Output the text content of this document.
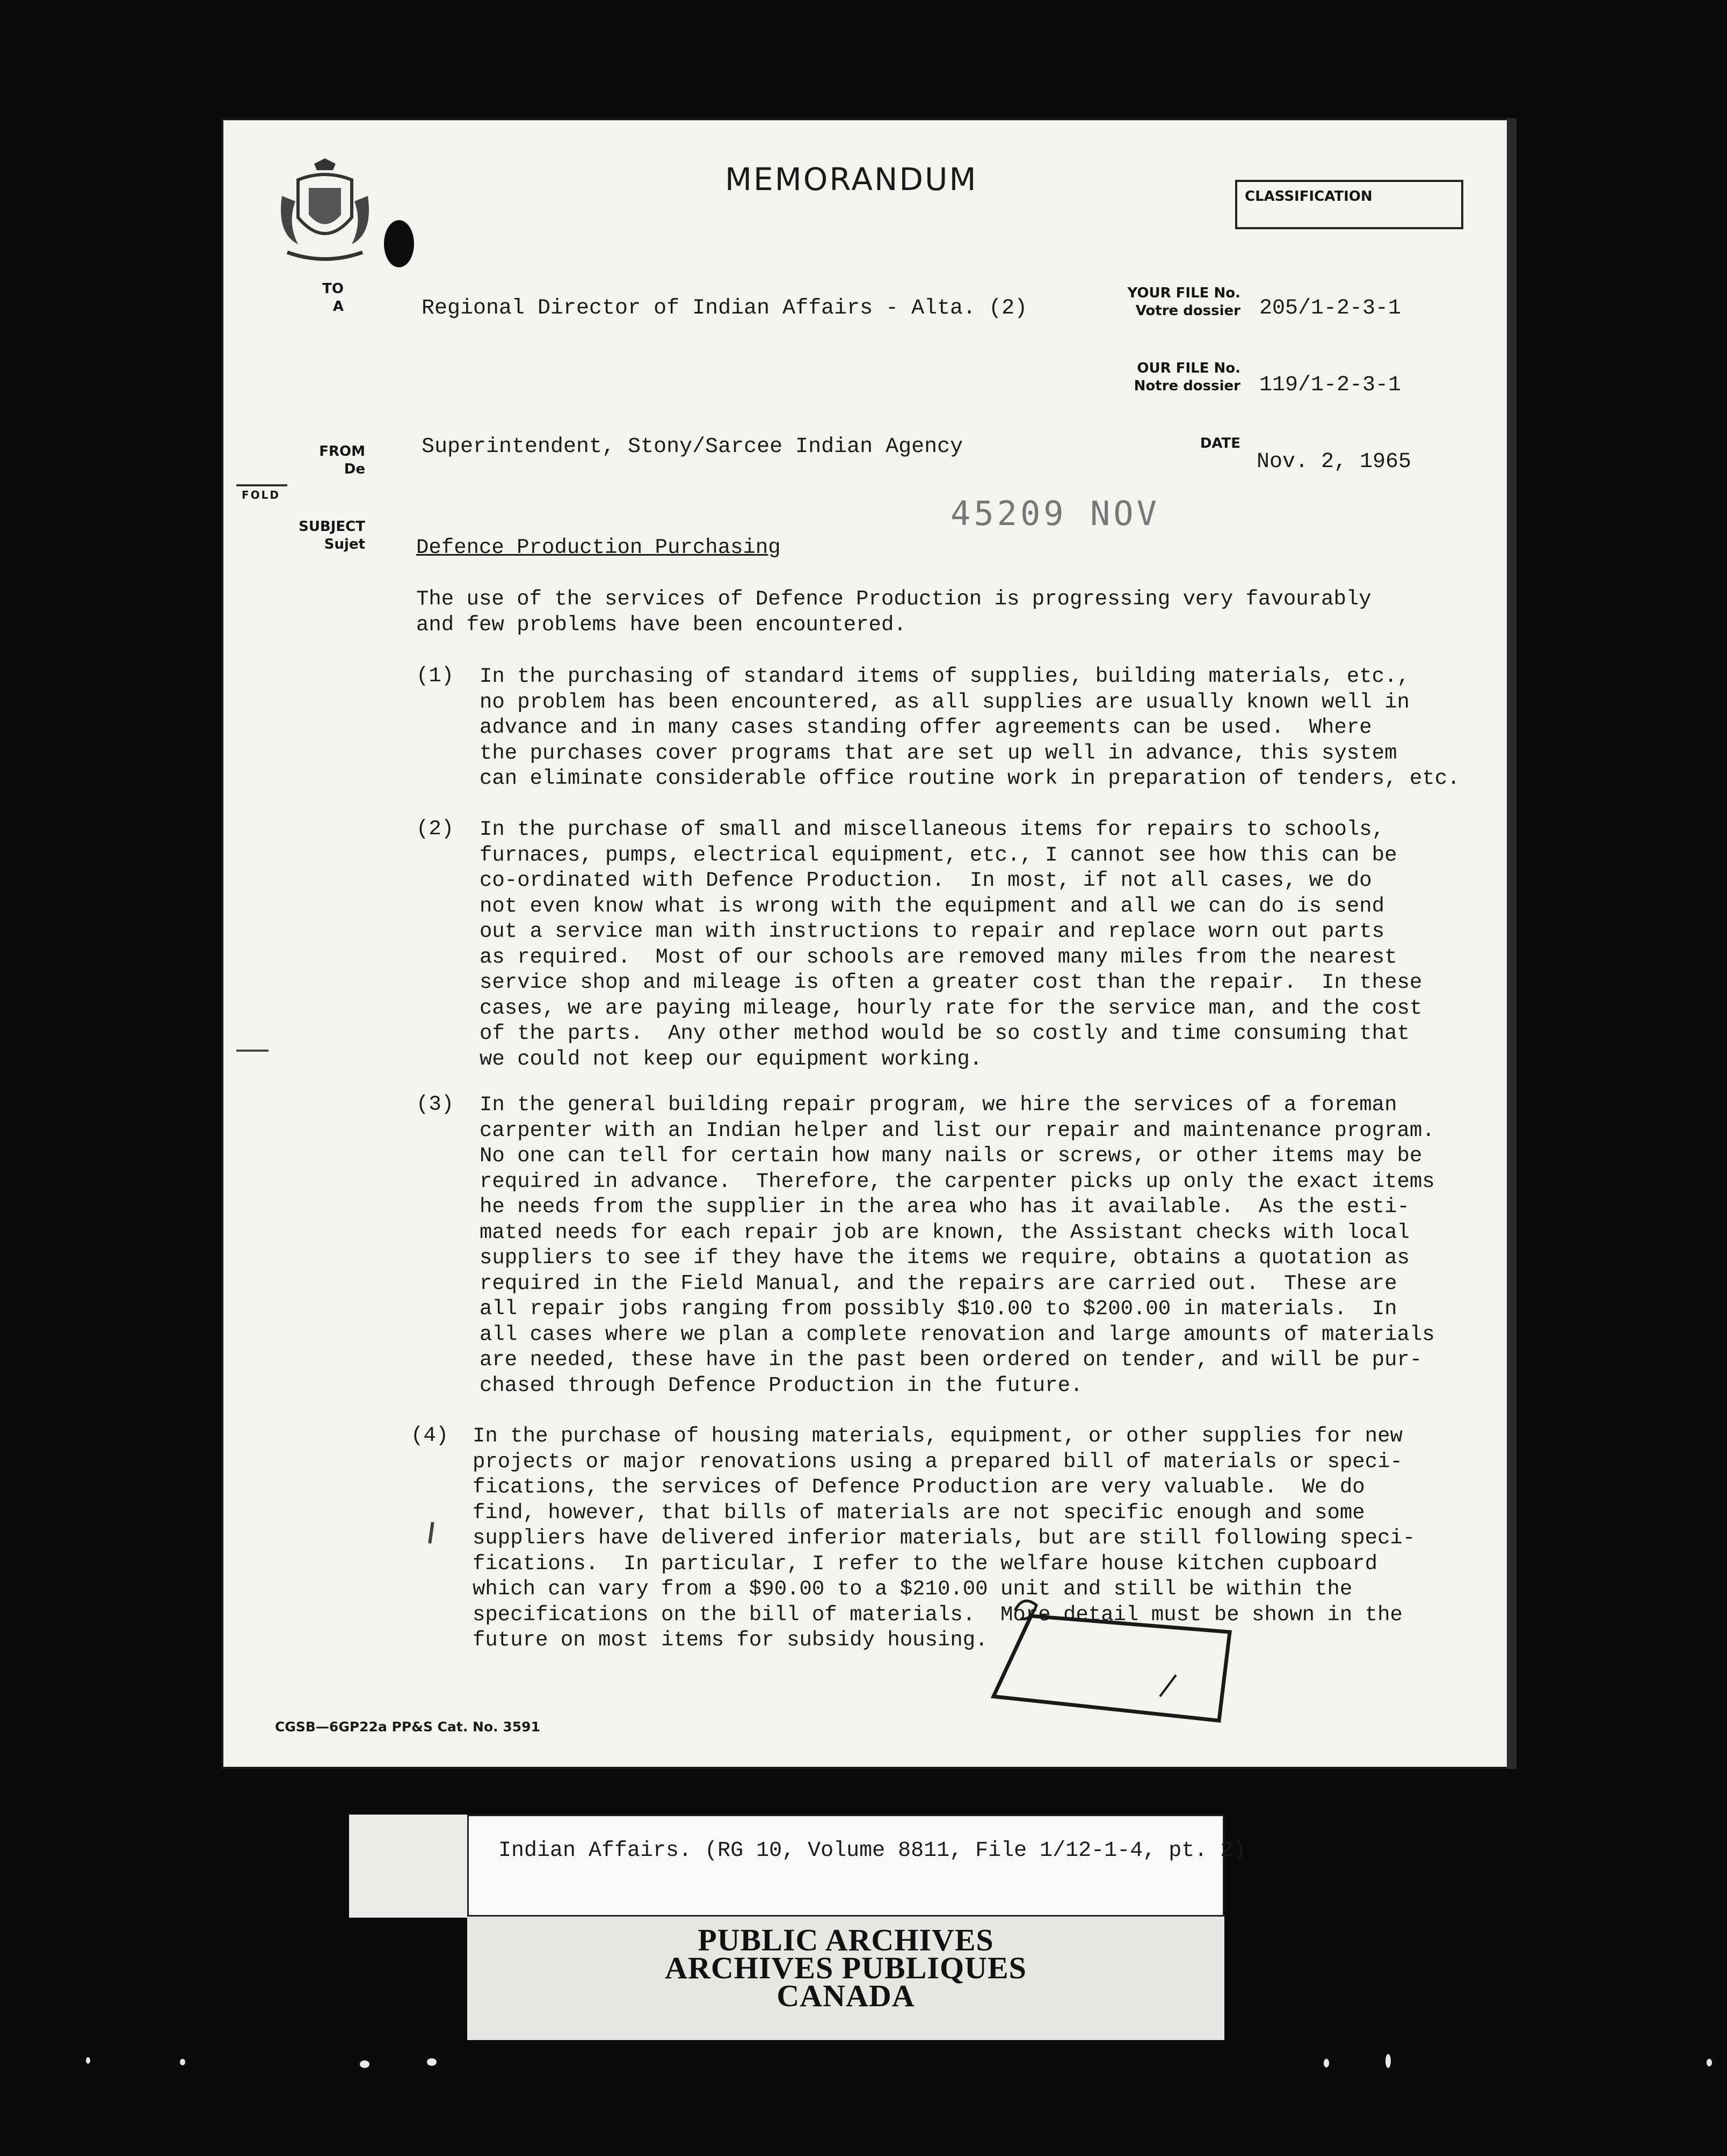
MEMORANDUM	CLASSIFICATION
TO
A	Regional Director of Indian Affairs - Alta. (2)
YOUR FILE No.
Votre dossier 205/1-2-3-1
OUR FILE No.
Notre dossier 119/1-2-3-1
FROM
De
Superintendent, Stony/Sarcee Indian Agency	DATE
Nov. 2, 1965
FOLD
SUBJECT
Sujet
45209 NOV
Defence Production Purchasing
The use of the services of Defence Production is progressing very favourably
and few problems have been encountered.
(1) In the purchasing of standard items of supplies, building materials, etc.,
no problem has been encountered, as all supplies are usually known well in
advance and in many cases standing offer agreements can be used.  Where
the purchases cover programs that are set up well in advance, this system
can eliminate considerable office routine work in preparation of tenders, etc.
(2) In the purchase of small and miscellaneous items for repairs to schools,
furnaces, pumps, electrical equipment, etc., I cannot see how this can be
co-ordinated with Defence Production.  In most, if not all cases, we do
not even know what is wrong with the equipment and all we can do is send
out a service man with instructions to repair and replace worn out parts
as required.  Most of our schools are removed many miles from the nearest
service shop and mileage is often a greater cost than the repair.  In these
cases, we are paying mileage, hourly rate for the service man, and the cost
of the parts.  Any other method would be so costly and time consuming that
we could not keep our equipment working.
(3) In the general building repair program, we hire the services of a foreman
carpenter with an Indian helper and list our repair and maintenance program.
No one can tell for certain how many nails or screws, or other items may be
required in advance.  Therefore, the carpenter picks up only the exact items
he needs from the supplier in the area who has it available.  As the esti-
mated needs for each repair job are known, the Assistant checks with local
suppliers to see if they have the items we require, obtains a quotation as
required in the Field Manual, and the repairs are carried out.  These are
all repair jobs ranging from possibly $10.00 to $200.00 in materials.  In
all cases where we plan a complete renovation and large amounts of materials
are needed, these have in the past been ordered on tender, and will be pur-
chased through Defence Production in the future.
(4) In the purchase of housing materials, equipment, or other supplies for new
projects or major renovations using a prepared bill of materials or speci-
fications, the services of Defence Production are very valuable.  We do
find, however, that bills of materials are not specific enough and some
suppliers have delivered inferior materials, but are still following speci-
fications.  In particular, I refer to the welfare house kitchen cupboard
which can vary from a $90.00 to a $210.00 unit and still be within the
specifications on the bill of materials.  More detail must be shown in the
future on most items for subsidy housing.
CGSB—6GP22a PP&S Cat. No. 3591
Indian Affairs. (RG 10, Volume 8811, File 1/12-1-4, pt. 2)
PUBLIC ARCHIVES
ARCHIVES PUBLIQUES
CANADA
